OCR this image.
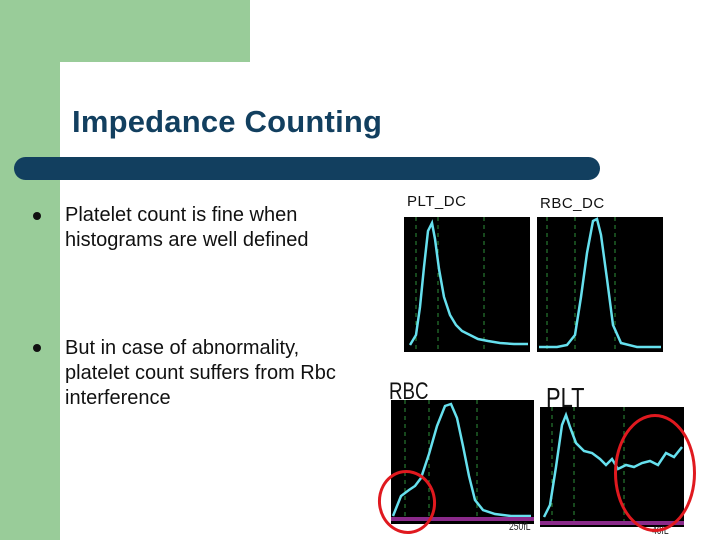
Impedance Counting
Platelet count is fine when histograms are well defined
But in case of abnormality, platelet count suffers from Rbc interference
PLT_DC	RBC_DC
RBC	PLT
250fL	40fL
